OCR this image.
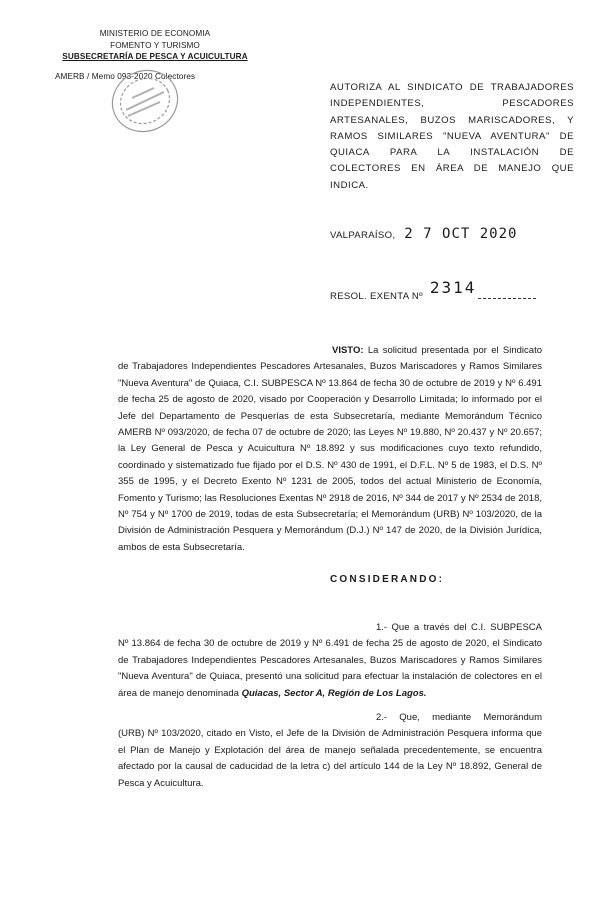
MINISTERIO DE ECONOMIA
FOMENTO Y TURISMO
SUBSECRETARÍA DE PESCA Y ACUICULTURA
AMERB / Memo 093-2020 Colectores
AUTORIZA AL SINDICATO DE TRABAJADORES INDEPENDIENTES, PESCADORES ARTESANALES, BUZOS MARISCADORES, Y RAMOS SIMILARES "NUEVA AVENTURA" DE QUIACA PARA LA INSTALACIÓN DE COLECTORES EN ÁREA DE MANEJO QUE INDICA.
VALPARAÍSO, 2 7 OCT 2020
RESOL. EXENTA Nº 2314
VISTO: La solicitud presentada por el Sindicato de Trabajadores Independientes Pescadores Artesanales, Buzos Mariscadores y Ramos Similares "Nueva Aventura" de Quiaca, C.I. SUBPESCA Nº 13.864 de fecha 30 de octubre de 2019 y Nº 6.491 de fecha 25 de agosto de 2020, visado por Cooperación y Desarrollo Limitada; lo informado por el Jefe del Departamento de Pesquerías de esta Subsecretaría, mediante Memorándum Técnico AMERB Nº 093/2020, de fecha 07 de octubre de 2020; las Leyes Nº 19.880, Nº 20.437 y Nº 20.657; la Ley General de Pesca y Acuicultura Nº 18.892 y sus modificaciones cuyo texto refundido, coordinado y sistematizado fue fijado por el D.S. Nº 430 de 1991, el D.F.L. Nº 5 de 1983, el D.S. Nº 355 de 1995, y el Decreto Exento Nº 1231 de 2005, todos del actual Ministerio de Economía, Fomento y Turismo; las Resoluciones Exentas Nº 2918 de 2016, Nº 344 de 2017 y Nº 2534 de 2018, Nº 754 y Nº 1700 de 2019, todas de esta Subsecretaría; el Memorándum (URB) Nº 103/2020, de la División de Administración Pesquera y Memorándum (D.J.) Nº 147 de 2020, de la División Jurídica, ambos de esta Subsecretaría.
CONSIDERANDO:
1.- Que a través del C.I. SUBPESCA Nº 13.864 de fecha 30 de octubre de 2019 y Nº 6.491 de fecha 25 de agosto de 2020, el Sindicato de Trabajadores Independientes Pescadores Artesanales, Buzos Mariscadores y Ramos Similares "Nueva Aventura" de Quiaca, presentó una solicitud para efectuar la instalación de colectores en el área de manejo denominada Quiacas, Sector A, Región de Los Lagos.
2.- Que, mediante Memorándum (URB) Nº 103/2020, citado en Visto, el Jefe de la División de Administración Pesquera informa que el Plan de Manejo y Explotación del área de manejo señalada precedentemente, se encuentra afectado por la causal de caducidad de la letra c) del artículo 144 de la Ley Nº 18.892, General de Pesca y Acuicultura.
